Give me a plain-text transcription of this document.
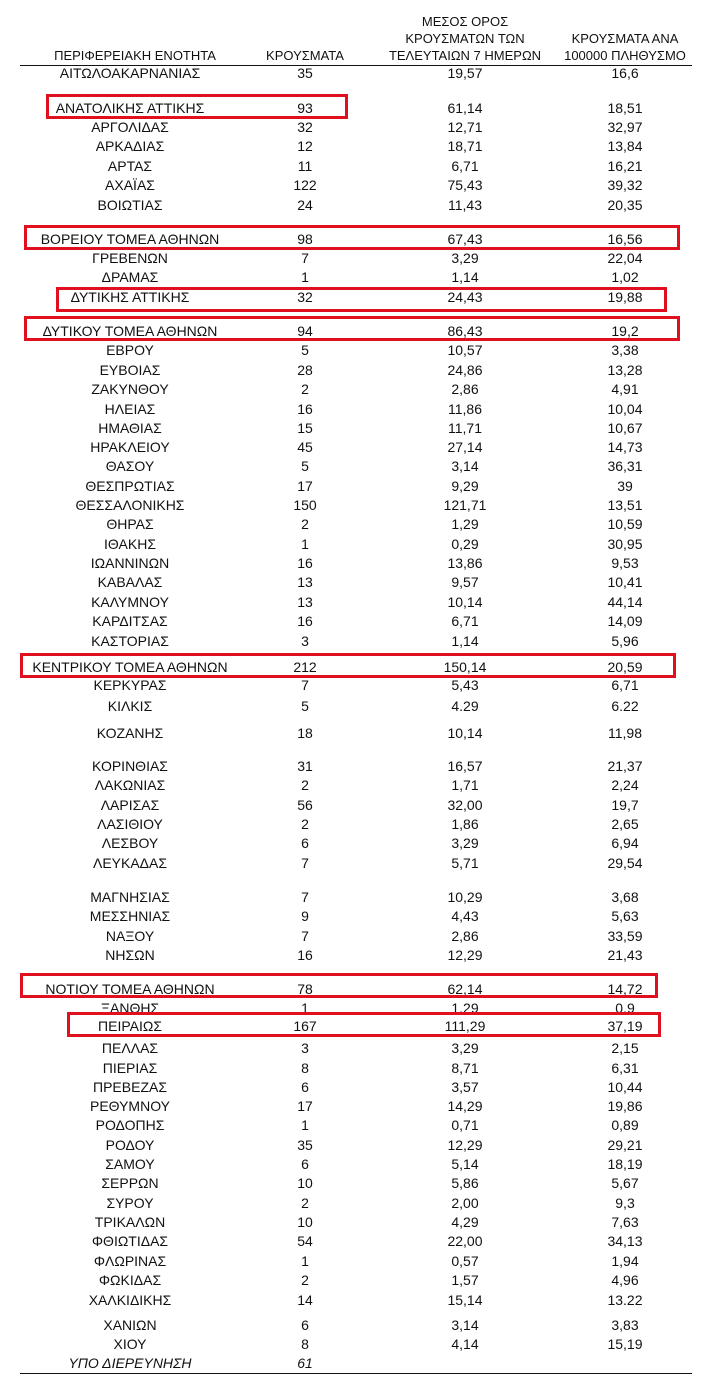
ΠΕΡΙΦΕΡΕΙΑΚΗ ΕΝΟΤΗΤΑ	ΚΡΟΥΣΜΑΤΑ
ΜΕΣΟΣ ΟΡΟΣ
ΚΡΟΥΣΜΑΤΩΝ ΤΩΝ
ΤΕΛΕΥΤΑΙΩΝ 7 ΗΜΕΡΩΝ
ΚΡΟΥΣΜΑΤΑ ΑΝΑ
100000 ΠΛΗΘΥΣΜΟ
ΑΙΤΩΛΟΑΚΑΡΝΑΝΙΑΣ	35	19,57	16,6
ΑΝΑΤΟΛΙΚΗΣ ΑΤΤΙΚΗΣ	93	61,14	18,51
ΑΡΓΟΛΙΔΑΣ	32	12,71	32,97
ΑΡΚΑΔΙΑΣ	12	18,71	13,84
ΑΡΤΑΣ	11	6,71	16,21
ΑΧΑΪΑΣ	122	75,43	39,32
ΒΟΙΩΤΙΑΣ	24	11,43	20,35
ΒΟΡΕΙΟΥ ΤΟΜΕΑ ΑΘΗΝΩΝ	98	67,43	16,56
ΓΡΕΒΕΝΩΝ	7	3,29	22,04
ΔΡΑΜΑΣ	1	1,14	1,02
ΔΥΤΙΚΗΣ ΑΤΤΙΚΗΣ	32	24,43	19,88
ΔΥΤΙΚΟΥ ΤΟΜΕΑ ΑΘΗΝΩΝ	94	86,43	19,2
ΕΒΡΟΥ	5	10,57	3,38
ΕΥΒΟΙΑΣ	28	24,86	13,28
ΖΑΚΥΝΘΟΥ	2	2,86	4,91
ΗΛΕΙΑΣ	16	11,86	10,04
ΗΜΑΘΙΑΣ	15	11,71	10,67
ΗΡΑΚΛΕΙΟΥ	45	27,14	14,73
ΘΑΣΟΥ	5	3,14	36,31
ΘΕΣΠΡΩΤΙΑΣ	17	9,29	39
ΘΕΣΣΑΛΟΝΙΚΗΣ	150	121,71	13,51
ΘΗΡΑΣ	2	1,29	10,59
ΙΘΑΚΗΣ	1	0,29	30,95
ΙΩΑΝΝΙΝΩΝ	16	13,86	9,53
ΚΑΒΑΛΑΣ	13	9,57	10,41
ΚΑΛΥΜΝΟΥ	13	10,14	44,14
ΚΑΡΔΙΤΣΑΣ	16	6,71	14,09
ΚΑΣΤΟΡΙΑΣ	3	1,14	5,96
ΚΕΝΤΡΙΚΟΥ ΤΟΜΕΑ ΑΘΗΝΩΝ	212	150,14	20,59
ΚΕΡΚΥΡΑΣ	7	5,43	6,71
ΚΙΛΚΙΣ	5	4.29	6.22
ΚΟΖΑΝΗΣ	18	10,14	11,98
ΚΟΡΙΝΘΙΑΣ	31	16,57	21,37
ΛΑΚΩΝΙΑΣ	2	1,71	2,24
ΛΑΡΙΣΑΣ	56	32,00	19,7
ΛΑΣΙΘΙΟΥ	2	1,86	2,65
ΛΕΣΒΟΥ	6	3,29	6,94
ΛΕΥΚΑΔΑΣ	7	5,71	29,54
ΜΑΓΝΗΣΙΑΣ	7	10,29	3,68
ΜΕΣΣΗΝΙΑΣ	9	4,43	5,63
ΝΑΞΟΥ	7	2,86	33,59
ΝΗΣΩΝ	16	12,29	21,43
ΝΟΤΙΟΥ ΤΟΜΕΑ ΑΘΗΝΩΝ	78	62,14	14,72
ΞΑΝΘΗΣ	1	1,29	0,9
ΠΕΙΡΑΙΩΣ	167	111,29	37,19
ΠΕΛΛΑΣ	3	3,29	2,15
ΠΙΕΡΙΑΣ	8	8,71	6,31
ΠΡΕΒΕΖΑΣ	6	3,57	10,44
ΡΕΘΥΜΝΟΥ	17	14,29	19,86
ΡΟΔΟΠΗΣ	1	0,71	0,89
ΡΟΔΟΥ	35	12,29	29,21
ΣΑΜΟΥ	6	5,14	18,19
ΣΕΡΡΩΝ	10	5,86	5,67
ΣΥΡΟΥ	2	2,00	9,3
ΤΡΙΚΑΛΩΝ	10	4,29	7,63
ΦΘΙΩΤΙΔΑΣ	54	22,00	34,13
ΦΛΩΡΙΝΑΣ	1	0,57	1,94
ΦΩΚΙΔΑΣ	2	1,57	4,96
ΧΑΛΚΙΔΙΚΗΣ	14	15,14	13.22
ΧΑΝΙΩΝ	6	3,14	3,83
ΧΙΟΥ	8	4,14	15,19
ΥΠΟ ΔΙΕΡΕΥΝΗΣΗ	61
